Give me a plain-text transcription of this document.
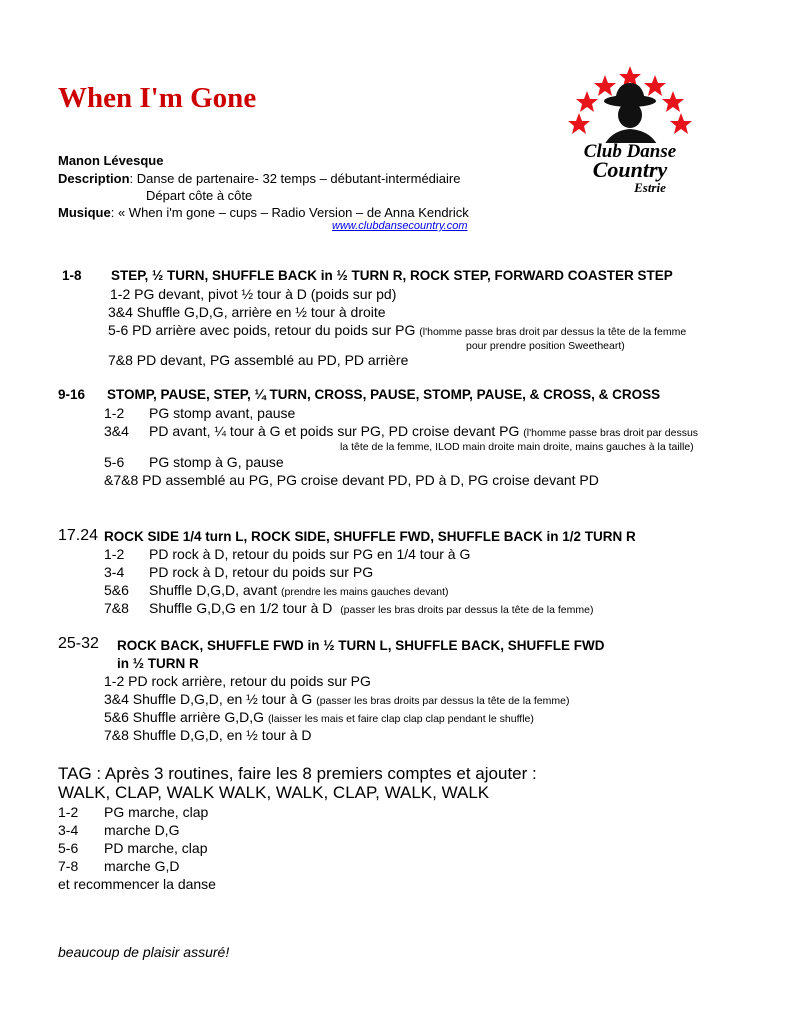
When I'm Gone
Club Danse
Country
Estrie
Manon Lévesque
Description: Danse de partenaire- 32 temps – débutant-intermédiaire
Départ côte à côte
Musique: « When i'm gone – cups – Radio Version – de Anna Kendrick
www.clubdansecountry.com
1-8 STEP, ½ TURN, SHUFFLE BACK in ½ TURN R, ROCK STEP, FORWARD COASTER STEP
1-2 PG devant, pivot ½ tour à D (poids sur pd)
3&4 Shuffle G,D,G, arrière en ½ tour à droite
5-6 PD arrière avec poids, retour du poids sur PG (l'homme passe bras droit par dessus la tête de la femme
pour prendre position Sweetheart)
7&8 PD devant, PG assemblé au PD, PD arrière
9-16 STOMP, PAUSE, STEP, ¼ TURN, CROSS, PAUSE, STOMP, PAUSE, & CROSS, & CROSS
1-2 PG stomp avant, pause
3&4 PD avant, ¼ tour à G et poids sur PG, PD croise devant PG (l'homme passe bras droit par dessus
la tête de la femme, ILOD main droite main droite, mains gauches à la taille)
5-6 PG stomp à G, pause
&7&8 PD assemblé au PG, PG croise devant PD, PD à D, PG croise devant PD
17.24 ROCK SIDE 1/4 turn L, ROCK SIDE, SHUFFLE FWD, SHUFFLE BACK in 1/2 TURN R
1-2 PD rock à D, retour du poids sur PG en 1/4 tour à G
3-4 PD rock à D, retour du poids sur PG
5&6 Shuffle D,G,D, avant (prendre les mains gauches devant)
7&8 Shuffle G,D,G en 1/2 tour à D (passer les bras droits par dessus la tête de la femme)
25-32 ROCK BACK, SHUFFLE FWD in ½ TURN L, SHUFFLE BACK, SHUFFLE FWD
in ½ TURN R
1-2 PD rock arrière, retour du poids sur PG
3&4 Shuffle D,G,D, en ½ tour à G (passer les bras droits par dessus la tête de la femme)
5&6 Shuffle arrière G,D,G (laisser les mais et faire clap clap clap pendant le shuffle)
7&8 Shuffle D,G,D, en ½ tour à D
TAG : Après 3 routines, faire les 8 premiers comptes et ajouter :
WALK, CLAP, WALK WALK, WALK, CLAP, WALK, WALK
1-2 PG marche, clap
3-4 marche D,G
5-6 PD marche, clap
7-8 marche G,D
et recommencer la danse
beaucoup de plaisir assuré!
